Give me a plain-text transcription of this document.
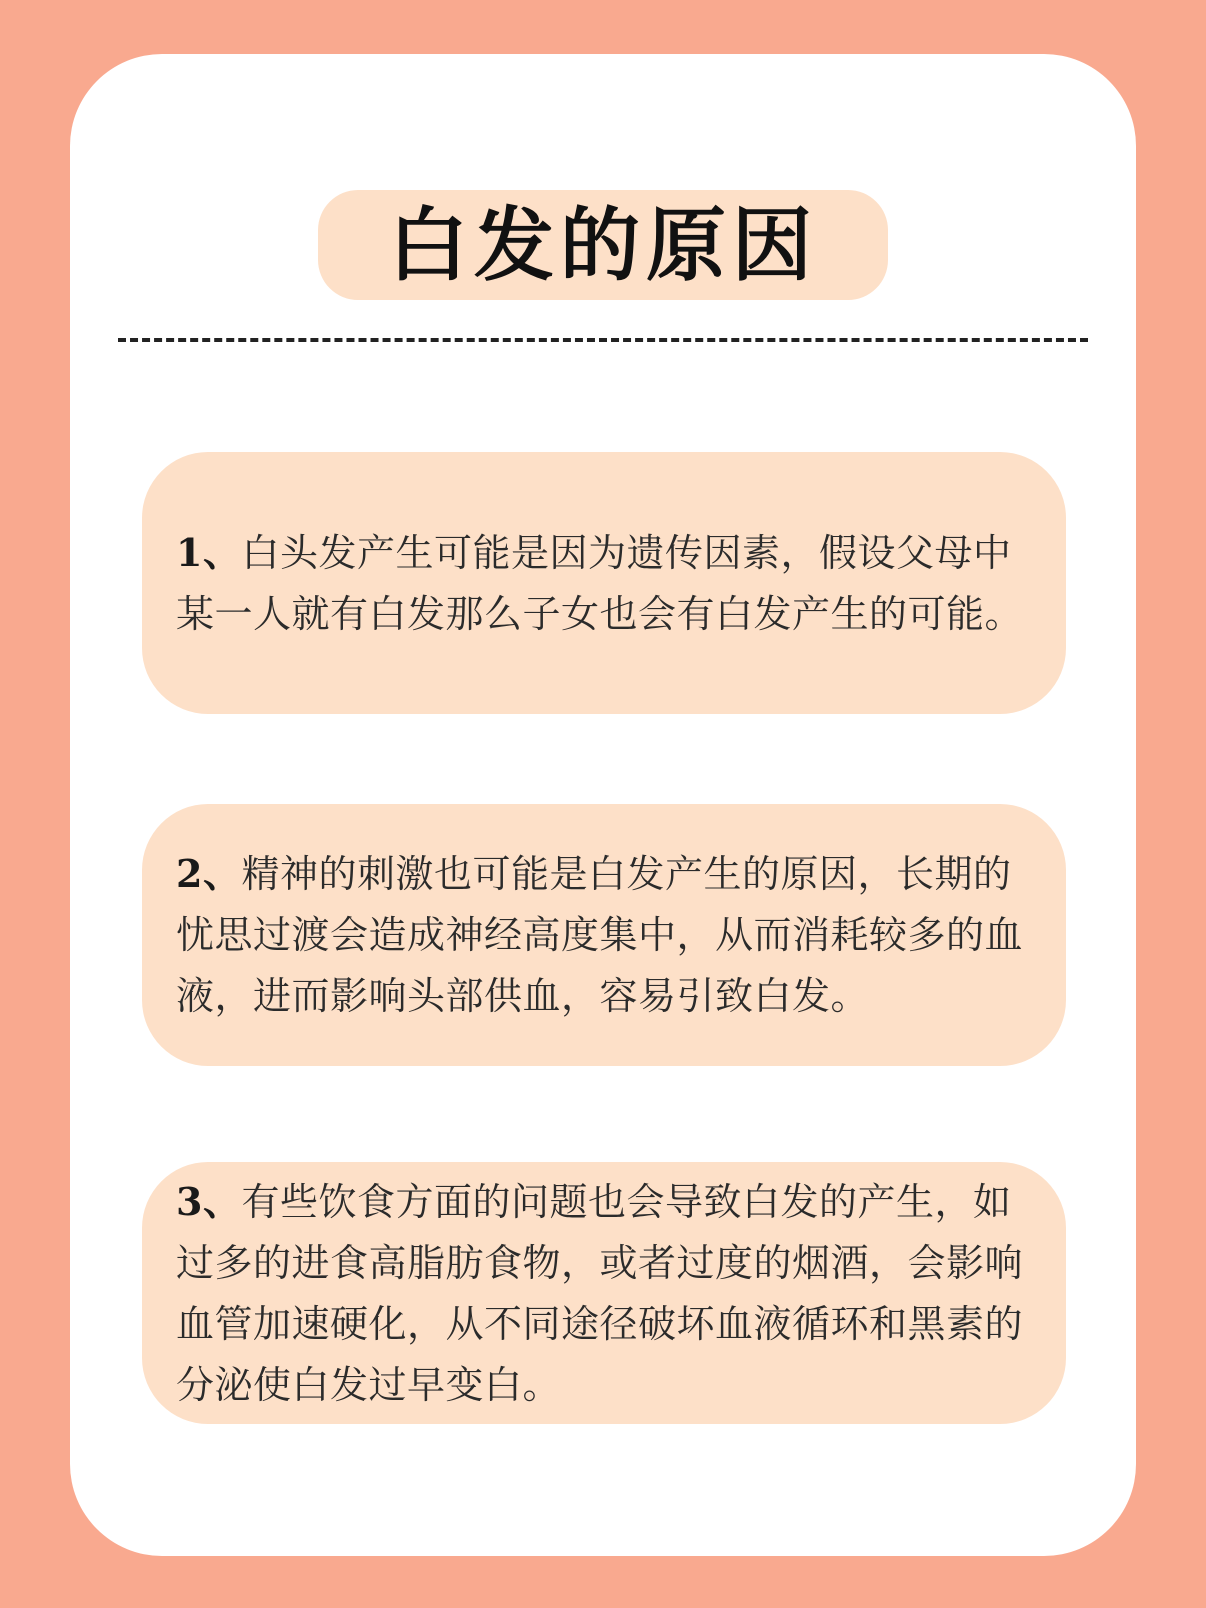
白发的原因

1、白头发产生可能是因为遗传因素，假设父母中某一人就有白发那么子女也会有白发产生的可能。

2、精神的刺激也可能是白发产生的原因，长期的忧思过渡会造成神经高度集中，从而消耗较多的血液，进而影响头部供血，容易引致白发。

3、有些饮食方面的问题也会导致白发的产生，如过多的进食高脂肪食物，或者过度的烟酒，会影响血管加速硬化，从不同途径破坏血液循环和黑素的分泌使白发过早变白。
